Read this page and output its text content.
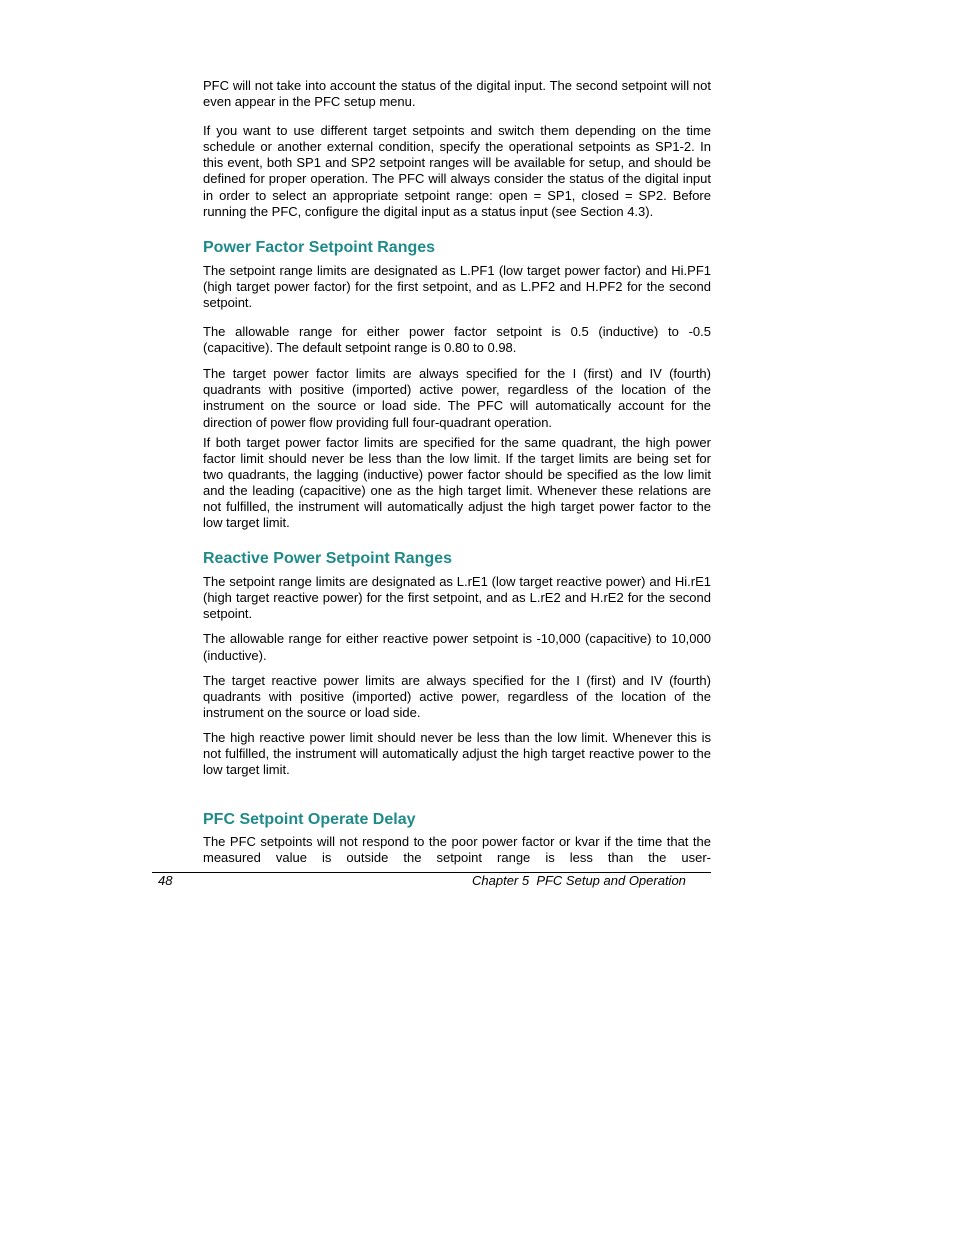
PFC will not take into account the status of the digital input. The second setpoint will not even appear in the PFC setup menu.

If you want to use different target setpoints and switch them depending on the time schedule or another external condition, specify the operational setpoints as SP1-2. In this event, both SP1 and SP2 setpoint ranges will be available for setup, and should be defined for proper operation. The PFC will always consider the status of the digital input in order to select an appropriate setpoint range: open = SP1, closed = SP2. Before running the PFC, configure the digital input as a status input (see Section 4.3).

Power Factor Setpoint Ranges

The setpoint range limits are designated as L.PF1 (low target power factor) and Hi.PF1 (high target power factor) for the first setpoint, and as L.PF2 and H.PF2 for the second setpoint.

The allowable range for either power factor setpoint is 0.5 (inductive) to -0.5 (capacitive). The default setpoint range is 0.80 to 0.98.

The target power factor limits are always specified for the I (first) and IV (fourth) quadrants with positive (imported) active power, regardless of the location of the instrument on the source or load side. The PFC will automatically account for the direction of power flow providing full four-quadrant operation.

If both target power factor limits are specified for the same quadrant, the high power factor limit should never be less than the low limit. If the target limits are being set for two quadrants, the lagging (inductive) power factor should be specified as the low limit and the leading (capacitive) one as the high target limit. Whenever these relations are not fulfilled, the instrument will automatically adjust the high target power factor to the low target limit.

Reactive Power Setpoint Ranges

The setpoint range limits are designated as L.rE1 (low target reactive power) and Hi.rE1 (high target reactive power) for the first setpoint, and as L.rE2 and H.rE2 for the second setpoint.

The allowable range for either reactive power setpoint is -10,000 (capacitive) to 10,000 (inductive).

The target reactive power limits are always specified for the I (first) and IV (fourth) quadrants with positive (imported) active power, regardless of the location of the instrument on the source or load side.

The high reactive power limit should never be less than the low limit. Whenever this is not fulfilled, the instrument will automatically adjust the high target reactive power to the low target limit.

PFC Setpoint Operate Delay

The PFC setpoints will not respond to the poor power factor or kvar if the time that the measured value is outside the setpoint range is less than the user-

48	Chapter 5  PFC Setup and Operation
